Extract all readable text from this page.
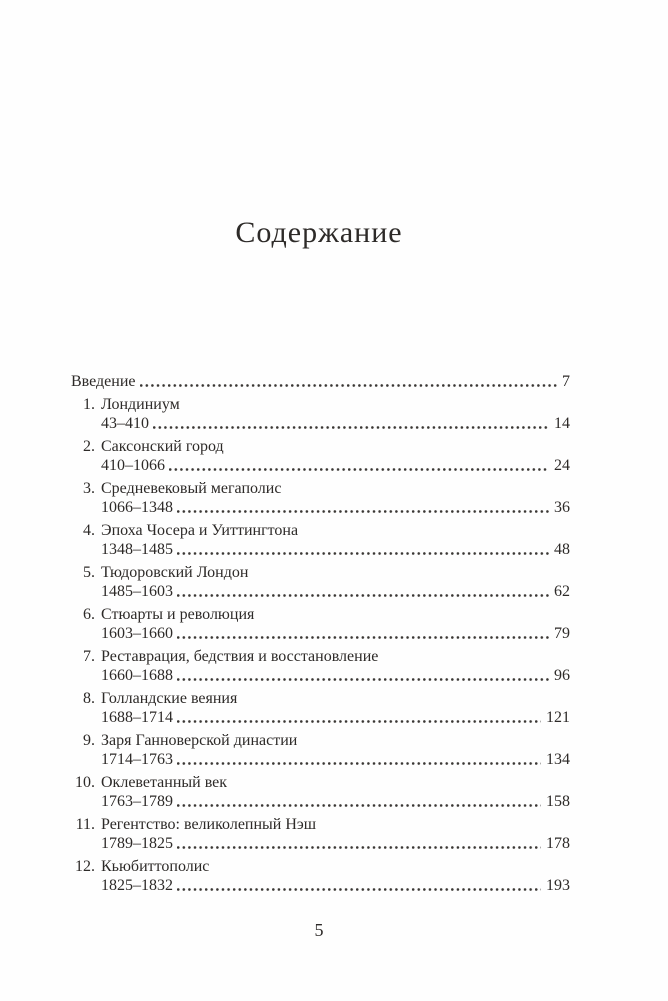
Содержание
Введение	7
1. Лондиниум
43–410	14
2. Саксонский город
410–1066	24
3. Средневековый мегаполис
1066–1348	36
4. Эпоха Чосера и Уиттингтона
1348–1485	48
5. Тюдоровский Лондон
1485–1603	62
6. Стюарты и революция
1603–1660	79
7. Реставрация, бедствия и восстановление
1660–1688	96
8. Голландские веяния
1688–1714	121
9. Заря Ганноверской династии
1714–1763	134
10. Оклеветанный век
1763–1789	158
11. Регентство: великолепный Нэш
1789–1825	178
12. Кьюбиттополис
1825–1832	193
5
